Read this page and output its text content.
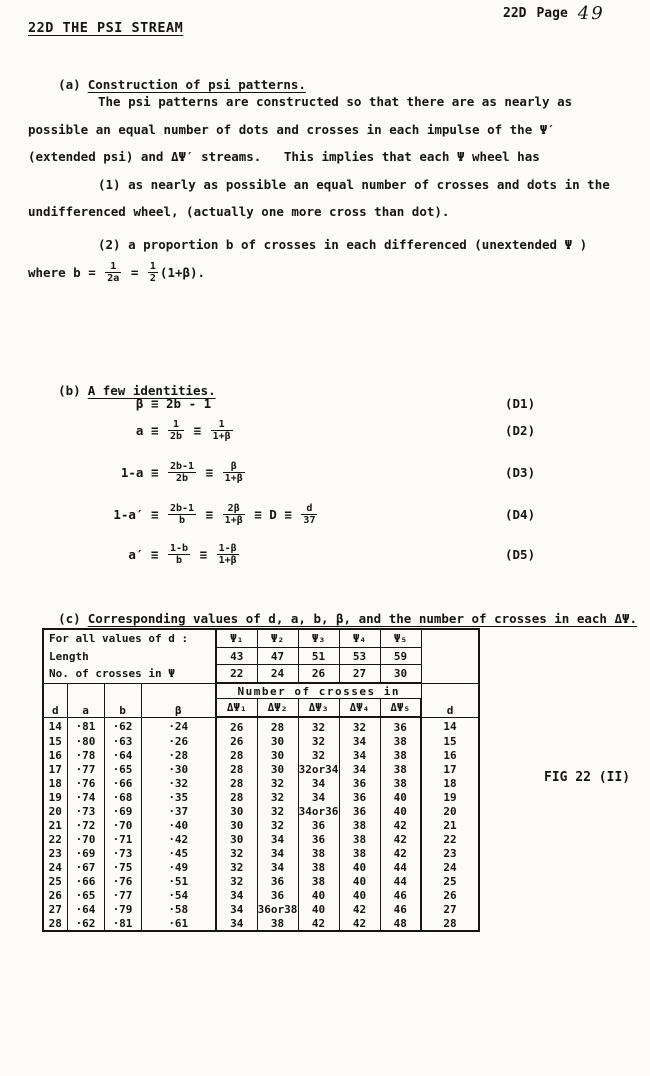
22D Page 49
22D THE PSI STREAM

(a) Construction of psi patterns.

The psi patterns are constructed so that there are as nearly as
possible an equal number of dots and crosses in each impulse of the Ψ′
(extended psi) and ΔΨ′ streams.   This implies that each Ψ wheel has
(1) as nearly as possible an equal number of crosses and dots in the
undifferenced wheel, (actually one more cross than dot).
(2) a proportion b of crosses in each differenced (unextended Ψ )
where $b = \frac{1}{2a} = \frac{1}{2} (1+\beta)$.

(b) A few identities.

β ≡ 2b - 1	(D1)
$a \equiv \frac{1}{2b} \equiv \frac{1}{1+\beta}$	(D2)
$1-a \equiv \frac{2b-1}{2b} \equiv \frac{\beta}{1+\beta}$	(D3)
$1-a' \equiv \frac{2b-1}{b} \equiv \frac{2\beta}{1+\beta} \equiv D \equiv \frac{d}{37}$	(D4)
$a' \equiv \frac{1-b}{b} \equiv \frac{1-\beta}{1+\beta}$	(D5)

(c) Corresponding values of d, a, b, β, and the number of crosses in each ΔΨ.

For all values of d :				Ψ₁	Ψ₂	Ψ₃	Ψ₄	Ψ₅	
Length				43	47	51	53	59	
No. of crosses in Ψ				22	24	26	27	30	
d	a	b	β	Number of crosses in					d
				ΔΨ₁	ΔΨ₂	ΔΨ₃	ΔΨ₄	ΔΨ₅	
14	·81	·62	·24	26	28	32	32	36	14
15	·80	·63	·26	26	30	32	34	38	15
16	·78	·64	·28	28	30	32	34	38	16
17	·77	·65	·30	28	30	32or34	34	38	17
18	·76	·66	·32	28	32	34	36	38	18
19	·74	·68	·35	28	32	34	36	40	19
20	·73	·69	·37	30	32	34or36	36	40	20
21	·72	·70	·40	30	32	36	38	42	21
22	·70	·71	·42	30	34	36	38	42	22
23	·69	·73	·45	32	34	38	38	42	23
24	·67	·75	·49	32	34	38	40	44	24
25	·66	·76	·51	32	36	38	40	44	25
26	·65	·77	·54	34	36	40	40	46	26
27	·64	·79	·58	34	36or38	40	42	46	27
28	·62	·81	·61	34	38	42	42	48	28
FIG 22 (II)
